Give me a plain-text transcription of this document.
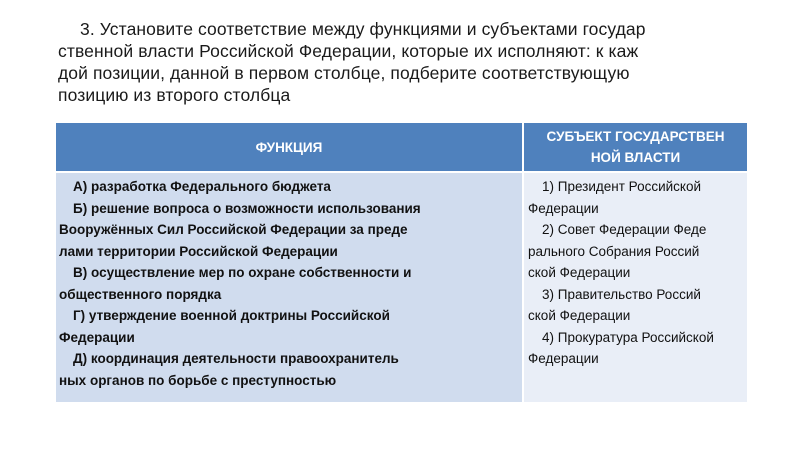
3. Установите соответствие между функциями и субъектами государ
ственной власти Российской Федерации, которые их исполняют: к каж
дой позиции, данной в первом столбце, подберите соответствующую
позицию из второго столбца
ФУНКЦИЯ
СУБЪЕКТ ГОСУДАРСТВЕН
НОЙ ВЛАСТИ
А) разработка Федерального бюджета
Б) решение вопроса о возможности использования
Вооружённых Сил Российской Федерации за преде
лами территории Российской Федерации
В) осуществление мер по охране собственности и
общественного порядка
Г) утверждение военной доктрины Российской
Федерации
Д) координация деятельности правоохранитель
ных органов по борьбе с преступностью
1) Президент Российской
Федерации
2) Совет Федерации Феде
рального Собрания Россий
ской Федерации
3) Правительство Россий
ской Федерации
4) Прокуратура Российской
Федерации
